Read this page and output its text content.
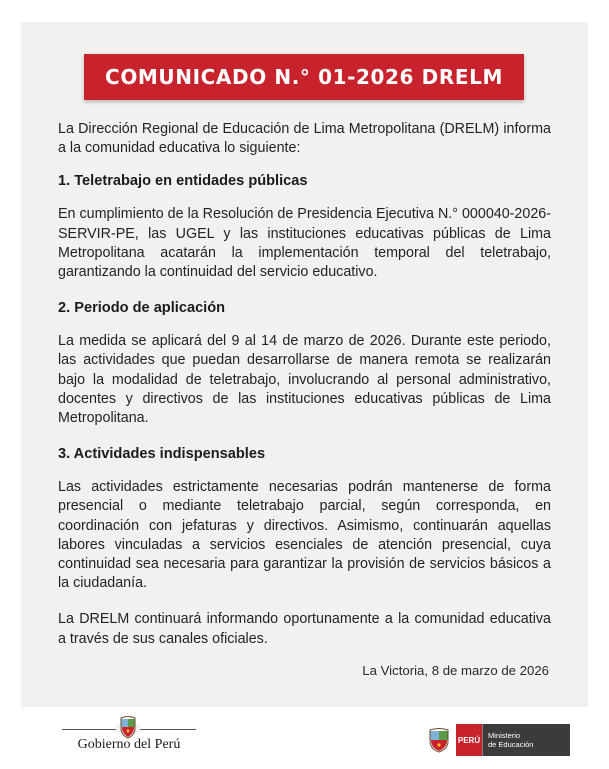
COMUNICADO N.° 01-2026 DRELM

La Dirección Regional de Educación de Lima Metropolitana (DRELM) informa a la comunidad educativa lo siguiente:

1. Teletrabajo en entidades públicas

En cumplimiento de la Resolución de Presidencia Ejecutiva N.° 000040-2026-SERVIR-PE, las UGEL y las instituciones educativas públicas de Lima Metropolitana acatarán la implementación temporal del teletrabajo, garantizando la continuidad del servicio educativo.

2. Periodo de aplicación

La medida se aplicará del 9 al 14 de marzo de 2026. Durante este periodo, las actividades que puedan desarrollarse de manera remota se realizarán bajo la modalidad de teletrabajo, involucrando al personal administrativo, docentes y directivos de las instituciones educativas públicas de Lima Metropolitana.

3. Actividades indispensables

Las actividades estrictamente necesarias podrán mantenerse de forma presencial o mediante teletrabajo parcial, según corresponda, en coordinación con jefaturas y directivos. Asimismo, continuarán aquellas labores vinculadas a servicios esenciales de atención presencial, cuya continuidad sea necesaria para garantizar la provisión de servicios básicos a la ciudadanía.

La DRELM continuará informando oportunamente a la comunidad educativa a través de sus canales oficiales.

La Victoria, 8 de marzo de 2026
Gobierno del Perú	PERÚ Ministerio
de Educación
